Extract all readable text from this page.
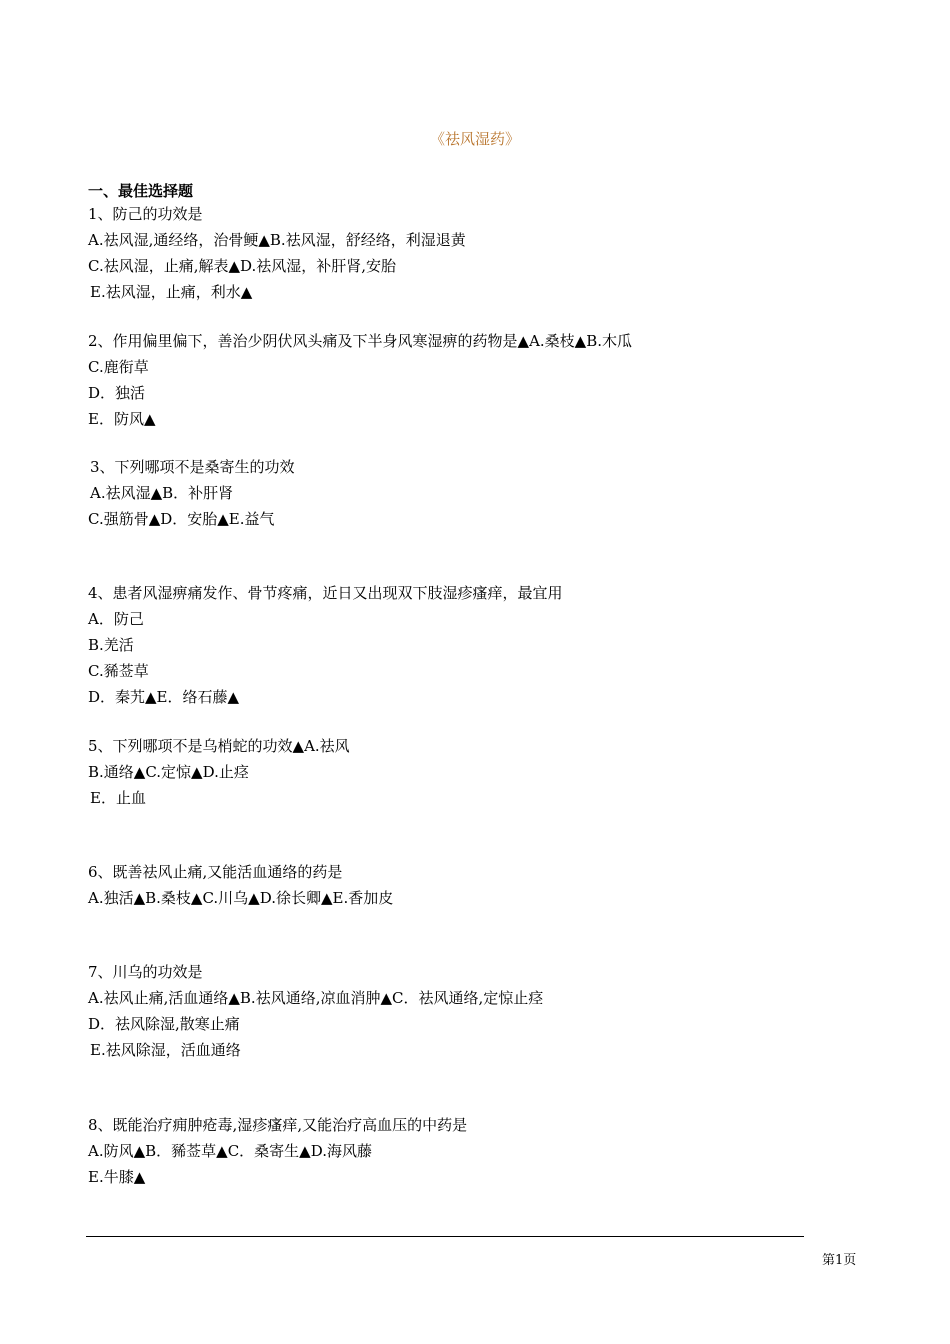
《祛风湿药》
一、最佳选择题
1、防己的功效是
A.祛风湿,通经络，治骨鲠▲B.祛风湿，舒经络，利湿退黄
C.祛风湿，止痛,解表▲D.祛风湿，补肝肾,安胎
E.祛风湿，止痛，利水▲
2、作用偏里偏下，善治少阴伏风头痛及下半身风寒湿痹的药物是▲A.桑枝▲B.木瓜
C.鹿衔草
D．独活
E．防风▲
3、下列哪项不是桑寄生的功效
A.祛风湿▲B．补肝肾
C.强筋骨▲D．安胎▲E.益气
4、患者风湿痹痛发作、骨节疼痛，近日又出现双下肢湿疹瘙痒，最宜用
A．防己
B.羌活
C.豨莶草
D．秦艽▲E．络石藤▲
5、下列哪项不是乌梢蛇的功效▲A.祛风
B.通络▲C.定惊▲D.止痉
E．止血
6、既善祛风止痛,又能活血通络的药是
A.独活▲B.桑枝▲C.川乌▲D.徐长卿▲E.香加皮
7、川乌的功效是
A.祛风止痛,活血通络▲B.祛风通络,凉血消肿▲C．祛风通络,定惊止痉
D．祛风除湿,散寒止痛
E.祛风除湿，活血通络
8、既能治疗痈肿疮毒,湿疹瘙痒,又能治疗高血压的中药是
A.防风▲B．豨莶草▲C．桑寄生▲D.海风藤
E.牛膝▲
第1页
